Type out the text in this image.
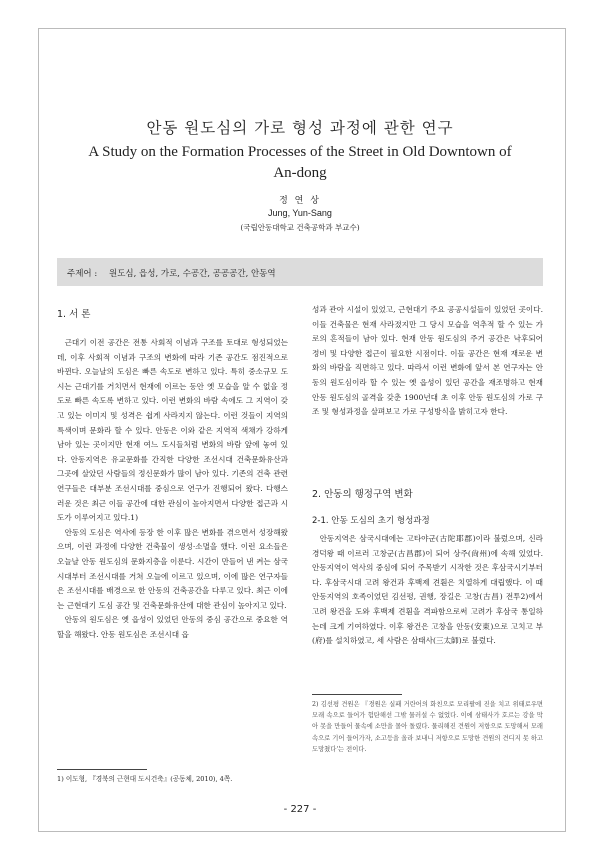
안동 원도심의 가로 형성 과정에 관한 연구
A Study on the Formation Processes of the Street in Old Downtown of
An-dong
정 연 상
Jung, Yun-Sang
(국립안동대학교 건축공학과 부교수)
주제어 : 원도심, 읍성, 가로, 수공간, 공공공간, 안동역
1. 서 론

근대기 이전 공간은 전통 사회적 이념과 구조를 토대로 형성되었는데, 이후 사회적 이념과 구조의 변화에 따라 기존 공간도 점진적으로 바뀐다. 오늘날의 도심은 빠른 속도로 변하고 있다. 특히 중소규모 도시는 근대기를 거치면서 현재에 이르는 동안 옛 모습을 알 수 없을 정도로 빠른 속도록 변하고 있다. 이런 변화의 바람 속에도 그 지역이 갖고 있는 이미지 및 성격은 쉽게 사라지지 않는다. 이런 것들이 지역의 특색이며 문화라 할 수 있다. 안동은 이와 같은 지역적 색채가 강하게 남아 있는 곳이지만 현재 여느 도시들처럼 변화의 바람 앞에 놓여 있다. 안동지역은 유교문화를 간직한 다양한 조선시대 건축문화유산과 그곳에 살았던 사람들의 정신문화가 많이 남아 있다. 기존의 건축 관련 연구들은 대부분 조선시대를 중심으로 연구가 진행되어 왔다. 다행스러운 것은 최근 이들 공간에 대한 관심이 높아지면서 다양한 접근과 시도가 이루어지고 있다.1)

안동의 도심은 역사에 등장 한 이후 많은 변화를 겪으면서 성장해왔으며, 이런 과정에 다양한 건축물이 생성·소멸을 했다. 이런 요소들은 오늘날 안동 원도심의 문화지층을 이룬다. 시간이 만들어 낸 켜는 삼국시대부터 조선시대를 거쳐 오늘에 이르고 있으며, 이에 많은 연구자들은 조선시대를 배경으로 한 안동의 건축공간을 다루고 있다. 최근 이에는 근현대기 도심 공간 및 건축문화유산에 대한 관심이 높아지고 있다.

안동의 원도심은 옛 읍성이 있었던 안동의 중심 공간으로 중요한 역할을 해왔다. 안동 원도심은 조선시대 읍

1) 이도형, 『경북의 근현대 도시건축』(공동체, 2010), 4쪽.

성과 관아 시설이 있었고, 근현대기 주요 공공시설들이 있었던 곳이다. 이들 건축물은 현재 사라졌지만 그 당시 모습을 역추적 할 수 있는 가로의 흔적들이 남아 있다. 현재 안동 원도심의 주거 공간은 낙후되어 정비 및 다양한 접근이 필요한 시점이다. 이들 공간은 현재 재로운 변화의 바람을 직면하고 있다. 따라서 이런 변화에 앞서 본 연구자는 안동의 원도심이라 할 수 있는 옛 읍성이 있던 공간을 재조명하고 현재 안동 원도심의 골격을 갖춘 1900년대 초 이후 안동 원도심의 가로 구조 및 형성과정을 살펴보고 가로 구성방식을 밝히고자 한다.

2. 안동의 행정구역 변화
2-1. 안동 도심의 초기 형성과정

안동지역은 삼국시대에는 고타야군(古陀耶郡)이라 불렀으며, 신라 경덕왕 때 이르러 고창군(古昌郡)이 되어 상주(尙州)에 속해 있었다. 안동지역이 역사의 중심에 되어 주목받기 시작한 것은 후삼국시기부터다. 후삼국시대 고려 왕건과 후백제 견훤은 치열하게 대립했다. 이 때 안동지역의 호족이었던 김선평, 권행, 장길은 고창(古昌) 전투2)에서 고려 왕건을 도와 후백제 견훤을 격파함으로써 고려가 후삼국 통일하는데 크게 기여하였다. 이후 왕건은 고창을 안동(安東)으로 고치고 부(府)를 설치하였고, 세 사람은 삼태사(三太師)로 불렀다.

2) 김선평 견원은 『경원은 실패 거란어의 화친으로 모리팔에 진을 치고 위태로우면 모래 속으로 들어가 험탄해선 그밖 물러설 수 없었다. 이에 삼태사가 호르는 강을 막아 못을 만들어 물속에 소만을 몰아 돌렸다. 물리해진 견원이 저항으로 도망해서 모래 속으로 기어 들어가자, 소고등을 올라 보내니 저항으로 도망한 견원의 견디지 못 하고 도망쳤다'는 전이다.
- 227 -
